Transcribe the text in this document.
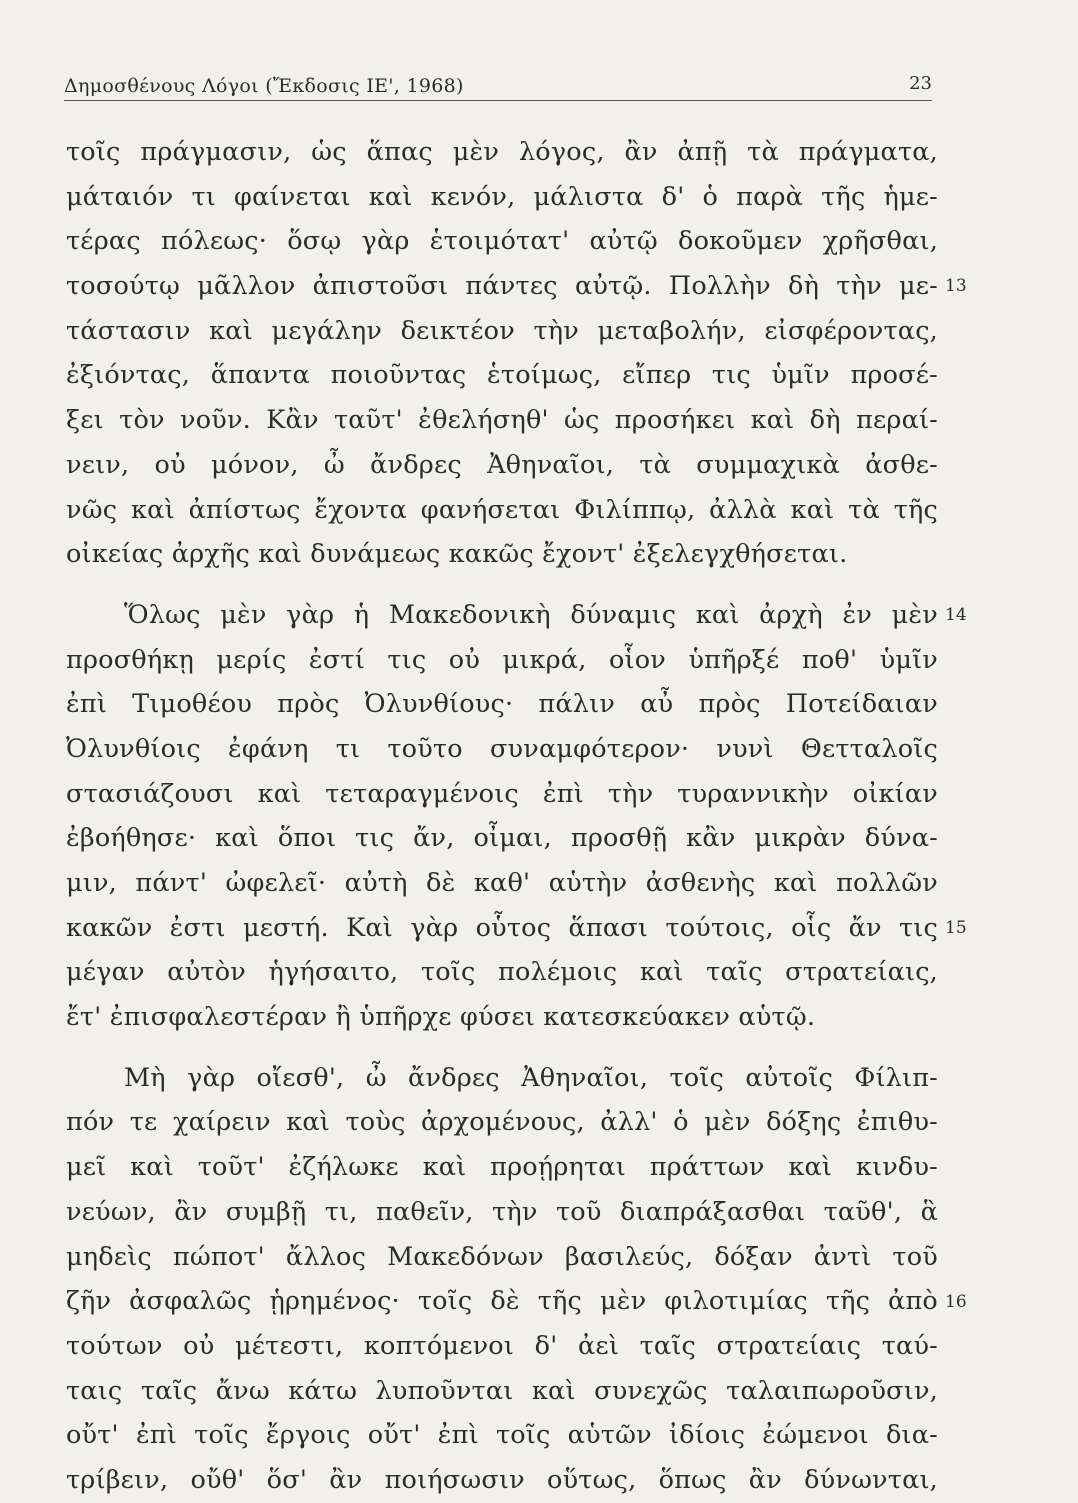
Δημοσθένους Λόγοι (Ἔκδοσις ΙΕ', 1968)	23
τοῖς πράγμασιν, ὡς ἅπας μὲν λόγος, ἂν ἀπῇ τὰ πράγματα,
μάταιόν τι φαίνεται καὶ κενόν, μάλιστα δ' ὁ παρὰ τῆς ἡμε-
τέρας πόλεως· ὅσῳ γὰρ ἑτοιμότατ' αὐτῷ δοκοῦμεν χρῆσθαι,
τοσούτῳ μᾶλλον ἀπιστοῦσι πάντες αὐτῷ. Πολλὴν δὴ τὴν με-
τάστασιν καὶ μεγάλην δεικτέον τὴν μεταβολήν, εἰσφέροντας,
ἐξιόντας, ἅπαντα ποιοῦντας ἑτοίμως, εἴπερ τις ὑμῖν προσέ-
ξει τὸν νοῦν. Κἂν ταῦτ' ἐθελήσηθ' ὡς προσήκει καὶ δὴ περαί-
νειν, οὐ μόνον, ὦ ἄνδρες Ἀθηναῖοι, τὰ συμμαχικὰ ἀσθε-
νῶς καὶ ἀπίστως ἔχοντα φανήσεται Φιλίππῳ, ἀλλὰ καὶ τὰ τῆς
οἰκείας ἀρχῆς καὶ δυνάμεως κακῶς ἔχοντ' ἐξελεγχθήσεται.
Ὅλως μὲν γὰρ ἡ Μακεδονικὴ δύναμις καὶ ἀρχὴ ἐν μὲν
προσθήκῃ μερίς ἐστί τις οὐ μικρά, οἷον ὑπῆρξέ ποθ' ὑμῖν
ἐπὶ Τιμοθέου πρὸς Ὀλυνθίους· πάλιν αὖ πρὸς Ποτείδαιαν
Ὀλυνθίοις ἐφάνη τι τοῦτο συναμφότερον· νυνὶ Θετταλοῖς
στασιάζουσι καὶ τεταραγμένοις ἐπὶ τὴν τυραννικὴν οἰκίαν
ἐβοήθησε· καὶ ὅποι τις ἄν, οἶμαι, προσθῇ κἂν μικρὰν δύνα-
μιν, πάντ' ὠφελεῖ· αὐτὴ δὲ καθ' αὑτὴν ἀσθενὴς καὶ πολλῶν
κακῶν ἐστι μεστή. Καὶ γὰρ οὗτος ἅπασι τούτοις, οἷς ἄν τις
μέγαν αὐτὸν ἡγήσαιτο, τοῖς πολέμοις καὶ ταῖς στρατείαις,
ἔτ' ἐπισφαλεστέραν ἢ ὑπῆρχε φύσει κατεσκεύακεν αὑτῷ.
Μὴ γὰρ οἴεσθ', ὦ ἄνδρες Ἀθηναῖοι, τοῖς αὐτοῖς Φίλιπ-
πόν τε χαίρειν καὶ τοὺς ἀρχομένους, ἀλλ' ὁ μὲν δόξης ἐπιθυ-
μεῖ καὶ τοῦτ' ἐζήλωκε καὶ προῄρηται πράττων καὶ κινδυ-
νεύων, ἂν συμβῇ τι, παθεῖν, τὴν τοῦ διαπράξασθαι ταῦθ', ἃ
μηδεὶς πώποτ' ἄλλος Μακεδόνων βασιλεύς, δόξαν ἀντὶ τοῦ
ζῆν ἀσφαλῶς ᾑρημένος· τοῖς δὲ τῆς μὲν φιλοτιμίας τῆς ἀπὸ
τούτων οὐ μέτεστι, κοπτόμενοι δ' ἀεὶ ταῖς στρατείαις ταύ-
ταις ταῖς ἄνω κάτω λυποῦνται καὶ συνεχῶς ταλαιπωροῦσιν,
οὔτ' ἐπὶ τοῖς ἔργοις οὔτ' ἐπὶ τοῖς αὑτῶν ἰδίοις ἐώμενοι δια-
τρίβειν, οὔθ' ὅσ' ἂν ποιήσωσιν οὕτως, ὅπως ἂν δύνωνται,
13
14
15
16
